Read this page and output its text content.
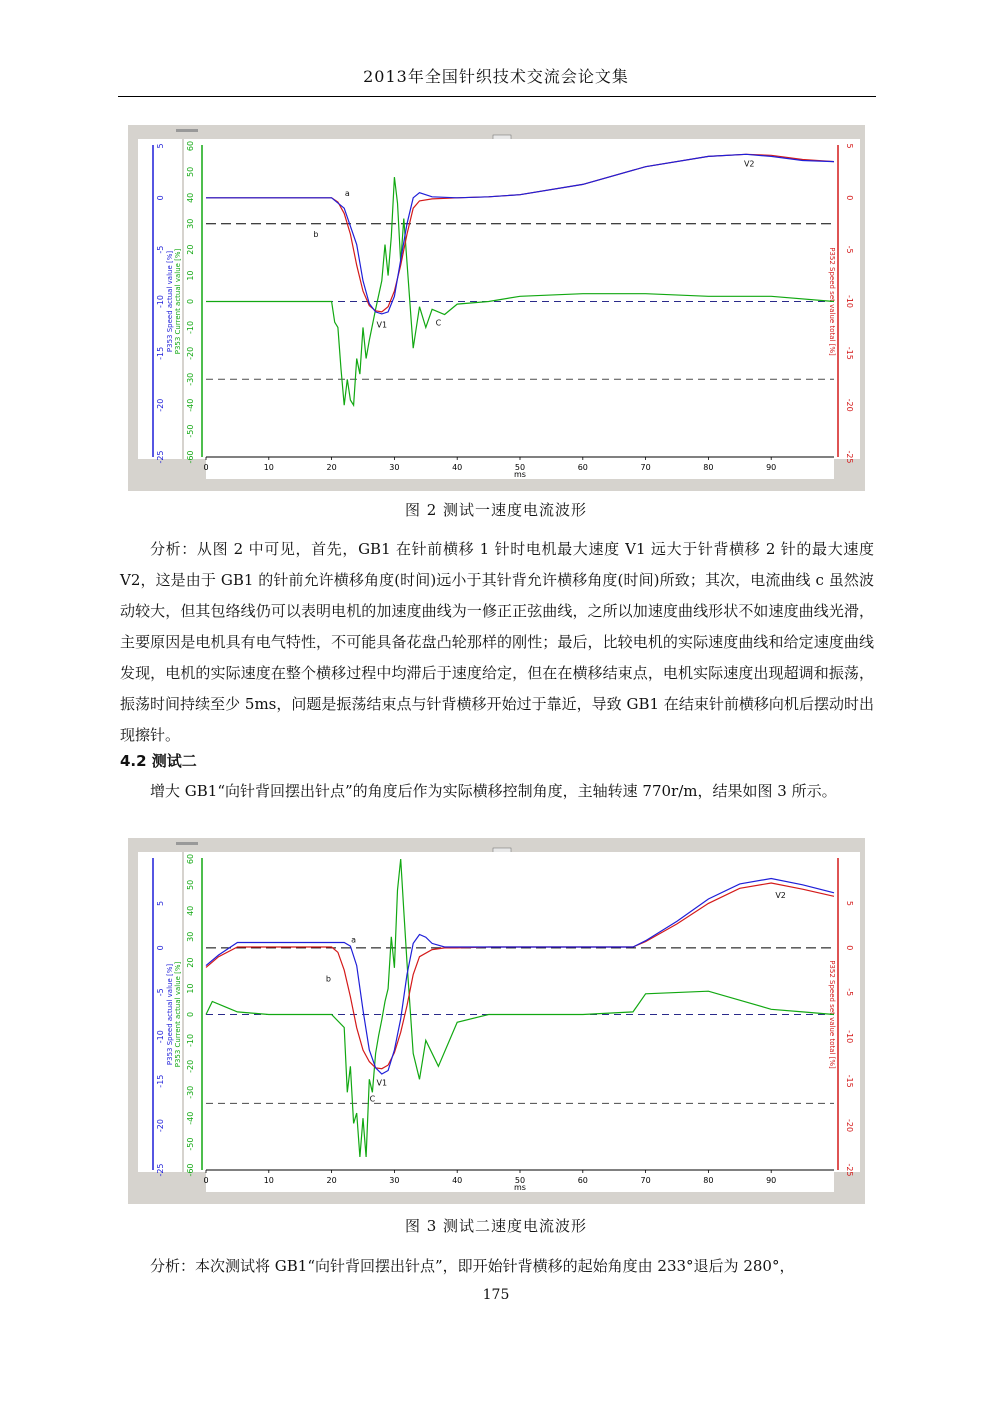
2013年全国针织技术交流会论文集
5
0
-5
-10
-15
-20
-25
60
50
40
30
20
10
0
-10
-20
-30
-40
-50
-60
5
0
-5
-10
-15
-20
-25
0	10	20	30	40	50	60	70	80	90
ms
P353 Speed actual value [%] P353 Current actual value [%]	P352 Speed set value total [%]
a
b
V1	C
V2
图 2 测试一速度电流波形

分析：从图 2 中可见，首先，GB1 在针前横移 1 针时电机最大速度 V1 远大于针背横移 2 针的最大速度 V2，这是由于 GB1 的针前允许横移角度(时间)远小于其针背允许横移角度(时间)所致；其次，电流曲线 c 虽然波动较大，但其包络线仍可以表明电机的加速度曲线为一修正正弦曲线，之所以加速度曲线形状不如速度曲线光滑，主要原因是电机具有电气特性，不可能具备花盘凸轮那样的刚性；最后，比较电机的实际速度曲线和给定速度曲线发现，电机的实际速度在整个横移过程中均滞后于速度给定，但在在横移结束点，电机实际速度出现超调和振荡，振荡时间持续至少 5ms，问题是振荡结束点与针背横移开始过于靠近，导致 GB1 在结束针前横移向机后摆动时出现擦针。

4.2 测试二

增大 GB1“向针背回摆出针点”的角度后作为实际横移控制角度，主轴转速 770r/m，结果如图 3 所示。

5
0
-5
-10
-15
-20
-25
60
50
40
30
20
10
0
-10
-20
-30
-40
-50
-60
5
0
-5
-10
-15
-20
-25
0	10	20	30	40	50	60	70	80	90
ms
P353 Speed actual value [%] P353 Current actual value [%]	P352 Speed set value total [%]
a
b
V1
C
V2
图 3 测试二速度电流波形

分析：本次测试将 GB1“向针背回摆出针点”，即开始针背横移的起始角度由 233°退后为 280°，

175
